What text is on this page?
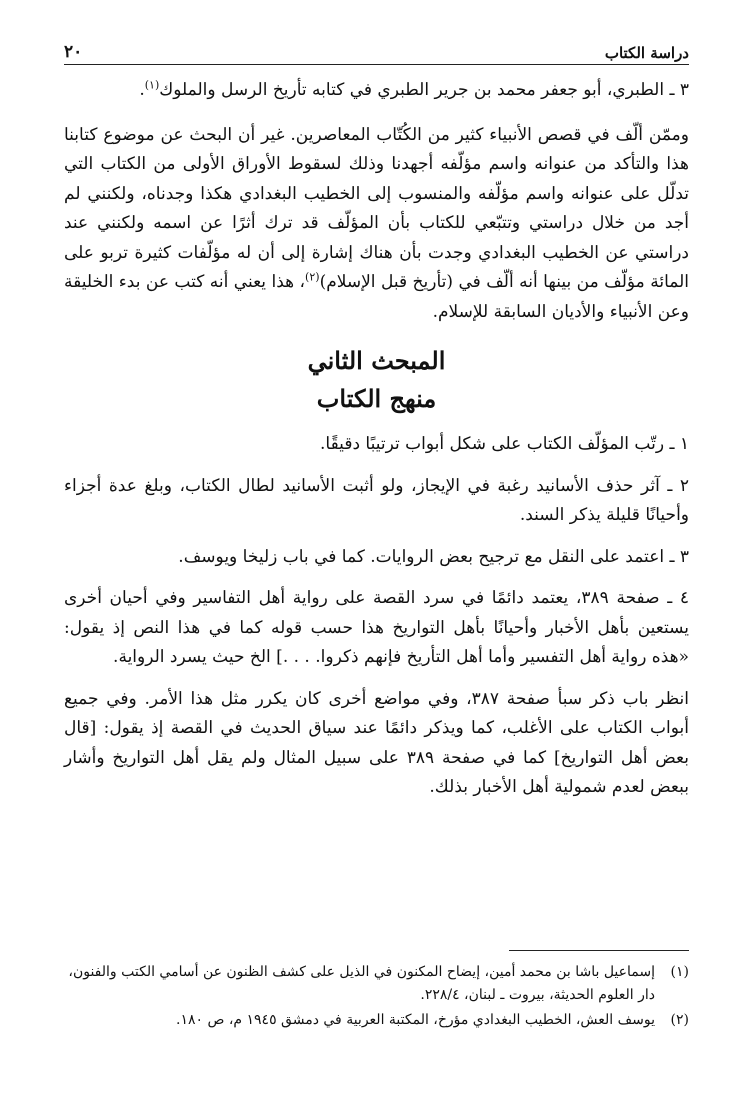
دراسة الكتاب
٢٠

٣ ـ الطبري، أبو جعفر محمد بن جرير الطبري في كتابه تأريخ الرسل والملوك$^{(١)}$.

وممّن ألّف في قصص الأنبياء كثير من الكُتّاب المعاصرين. غير أن البحث عن موضوع كتابنا هذا والتأكد من عنوانه واسم مؤلّفه أجهدنا وذلك لسقوط الأوراق الأولى من الكتاب التي تدلّل على عنوانه واسم مؤلّفه والمنسوب إلى الخطيب البغدادي هكذا وجدناه، ولكنني لم أجد من خلال دراستي وتتبّعي للكتاب بأن المؤلّف قد ترك أثرًا عن اسمه ولكنني عند دراستي عن الخطيب البغدادي وجدت بأن هناك إشارة إلى أن له مؤلّفات كثيرة تربو على المائة مؤلّف من بينها أنه ألّف في (تأريخ قبل الإسلام)$^{(٢)}$، هذا يعني أنه كتب عن بدء الخليقة وعن الأنبياء والأديان السابقة للإسلام.

المبحث الثاني
منهج الكتاب

١ ـ رتّب المؤلّف الكتاب على شكل أبواب ترتيبًا دقيقًا.

٢ ـ آثر حذف الأسانيد رغبة في الإيجاز، ولو أثبت الأسانيد لطال الكتاب، وبلغ عدة أجزاء وأحيانًا قليلة يذكر السند.

٣ ـ اعتمد على النقل مع ترجيح بعض الروايات. كما في باب زليخا ويوسف.

٤ ـ صفحة ٣٨٩، يعتمد دائمًا في سرد القصة على رواية أهل التفاسير وفي أحيان أخرى يستعين بأهل الأخبار وأحيانًا بأهل التواريخ هذا حسب قوله كما في هذا النص إذ يقول: «هذه رواية أهل التفسير وأما أهل التأريخ فإنهم ذكروا. . . .] الخ حيث يسرد الرواية.

انظر باب ذكر سبأ صفحة ٣٨٧، وفي مواضع أخرى كان يكرر مثل هذا الأمر. وفي جميع أبواب الكتاب على الأغلب، كما ويذكر دائمًا عند سياق الحديث في القصة إذ يقول: [قال بعض أهل التواريخ] كما في صفحة ٣٨٩ على سبيل المثال ولم يقل أهل التواريخ وأشار ببعض لعدم شمولية أهل الأخبار بذلك.

(١)
إسماعيل باشا بن محمد أمين، إيضاح المكنون في الذيل على كشف الظنون عن أسامي الكتب والفنون، دار العلوم الحديثة، بيروت ـ لبنان، ٢٢٨/٤.
(٢)
يوسف العش، الخطيب البغدادي مؤرخ، المكتبة العربية في دمشق ١٩٤٥ م، ص ١٨٠.
